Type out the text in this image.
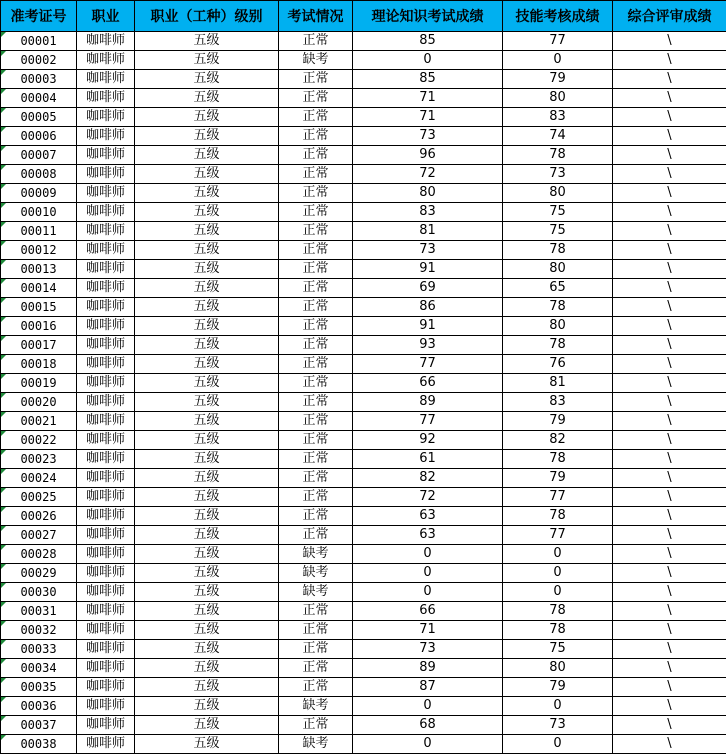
准考证号	职业	职业（工种）级别	考试情况	理论知识考试成绩	技能考核成绩	综合评审成绩
00001	咖啡师	五级	正常	85	77	\
00002	咖啡师	五级	缺考	0	0	\
00003	咖啡师	五级	正常	85	79	\
00004	咖啡师	五级	正常	71	80	\
00005	咖啡师	五级	正常	71	83	\
00006	咖啡师	五级	正常	73	74	\
00007	咖啡师	五级	正常	96	78	\
00008	咖啡师	五级	正常	72	73	\
00009	咖啡师	五级	正常	80	80	\
00010	咖啡师	五级	正常	83	75	\
00011	咖啡师	五级	正常	81	75	\
00012	咖啡师	五级	正常	73	78	\
00013	咖啡师	五级	正常	91	80	\
00014	咖啡师	五级	正常	69	65	\
00015	咖啡师	五级	正常	86	78	\
00016	咖啡师	五级	正常	91	80	\
00017	咖啡师	五级	正常	93	78	\
00018	咖啡师	五级	正常	77	76	\
00019	咖啡师	五级	正常	66	81	\
00020	咖啡师	五级	正常	89	83	\
00021	咖啡师	五级	正常	77	79	\
00022	咖啡师	五级	正常	92	82	\
00023	咖啡师	五级	正常	61	78	\
00024	咖啡师	五级	正常	82	79	\
00025	咖啡师	五级	正常	72	77	\
00026	咖啡师	五级	正常	63	78	\
00027	咖啡师	五级	正常	63	77	\
00028	咖啡师	五级	缺考	0	0	\
00029	咖啡师	五级	缺考	0	0	\
00030	咖啡师	五级	缺考	0	0	\
00031	咖啡师	五级	正常	66	78	\
00032	咖啡师	五级	正常	71	78	\
00033	咖啡师	五级	正常	73	75	\
00034	咖啡师	五级	正常	89	80	\
00035	咖啡师	五级	正常	87	79	\
00036	咖啡师	五级	缺考	0	0	\
00037	咖啡师	五级	正常	68	73	\
00038	咖啡师	五级	缺考	0	0	\
